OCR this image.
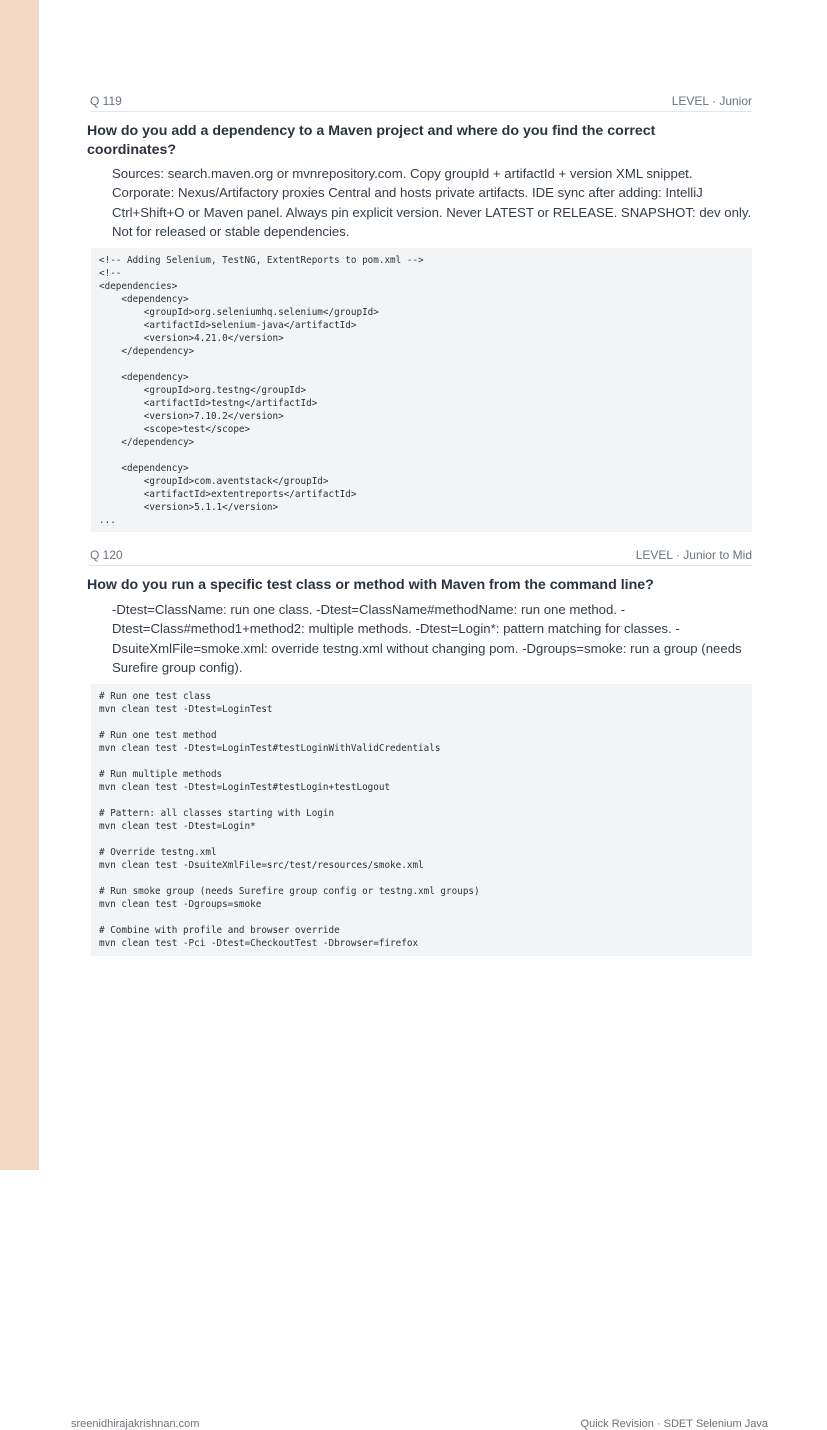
Q 119	LEVEL · Junior
How do you add a dependency to a Maven project and where do you find the correct coordinates?
Sources: search.maven.org or mvnrepository.com. Copy groupId + artifactId + version XML snippet. Corporate: Nexus/Artifactory proxies Central and hosts private artifacts. IDE sync after adding: IntelliJ Ctrl+Shift+O or Maven panel. Always pin explicit version. Never LATEST or RELEASE. SNAPSHOT: dev only. Not for released or stable dependencies.
<!-- Adding Selenium, TestNG, ExtentReports to pom.xml -->
<!--
<dependencies>
<dependency>
<groupId>org.seleniumhq.selenium</groupId>
<artifactId>selenium-java</artifactId>
<version>4.21.0</version>
</dependency>

<dependency>
<groupId>org.testng</groupId>
<artifactId>testng</artifactId>
<version>7.10.2</version>
<scope>test</scope>
</dependency>

<dependency>
<groupId>com.aventstack</groupId>
<artifactId>extentreports</artifactId>
<version>5.1.1</version>
...
Q 120	LEVEL · Junior to Mid
How do you run a specific test class or method with Maven from the command line?
-Dtest=ClassName: run one class. -Dtest=ClassName#methodName: run one method. -Dtest=Class#method1+method2: multiple methods. -Dtest=Login*: pattern matching for classes. -DsuiteXmlFile=smoke.xml: override testng.xml without changing pom. -Dgroups=smoke: run a group (needs Surefire group config).
# Run one test class
mvn clean test -Dtest=LoginTest

# Run one test method
mvn clean test -Dtest=LoginTest#testLoginWithValidCredentials

# Run multiple methods
mvn clean test -Dtest=LoginTest#testLogin+testLogout

# Pattern: all classes starting with Login
mvn clean test -Dtest=Login*

# Override testng.xml
mvn clean test -DsuiteXmlFile=src/test/resources/smoke.xml

# Run smoke group (needs Surefire group config or testng.xml groups)
mvn clean test -Dgroups=smoke

# Combine with profile and browser override
mvn clean test -Pci -Dtest=CheckoutTest -Dbrowser=firefox
sreenidhirajakrishnan.com	Quick Revision · SDET Selenium Java
